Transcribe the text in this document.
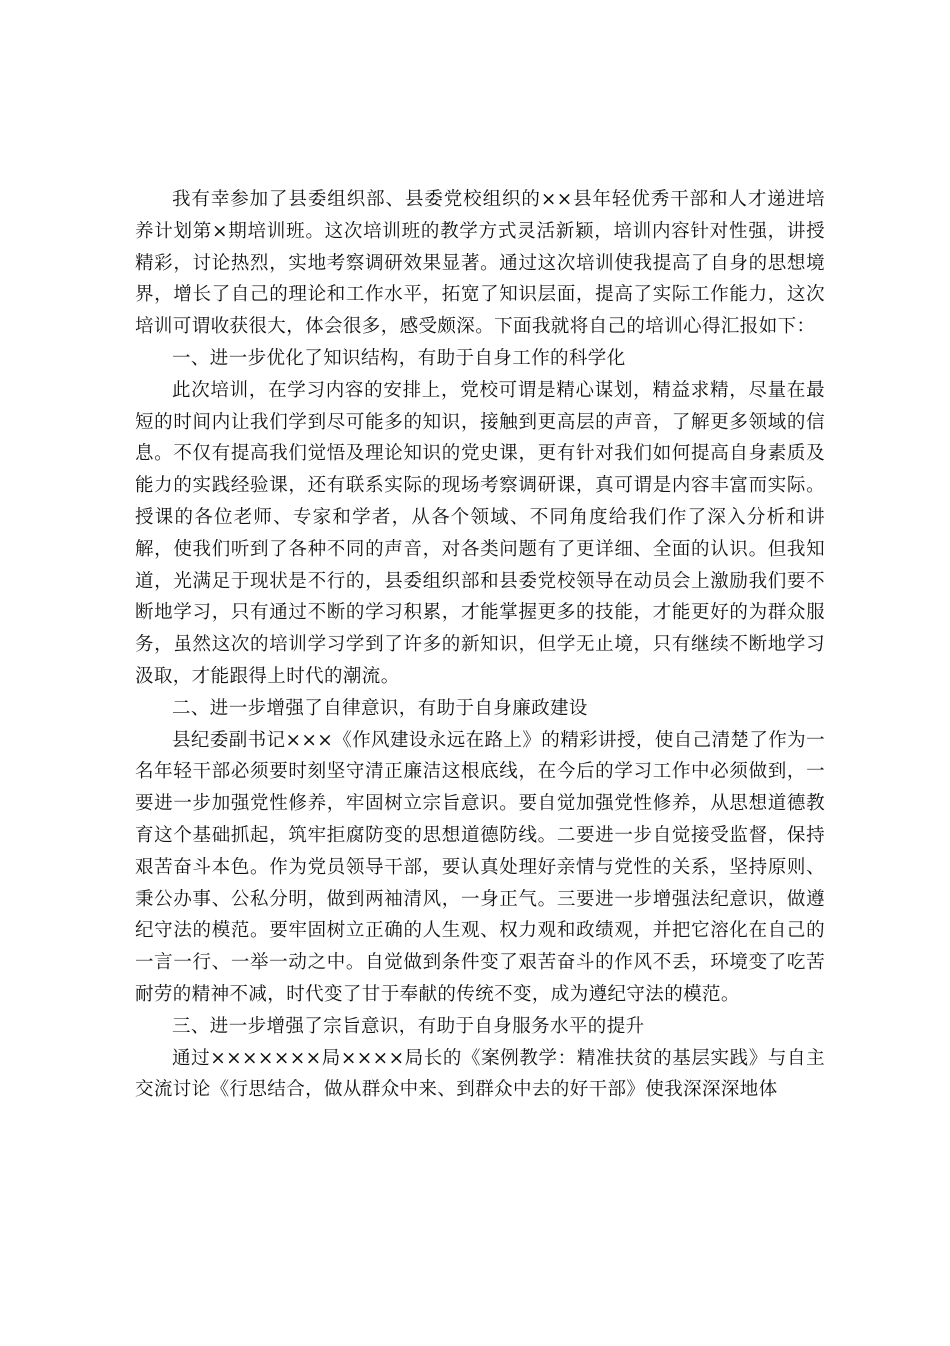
我有幸参加了县委组织部、县委党校组织的××县年轻优秀干部和人才递进培养计划第×期培训班。这次培训班的教学方式灵活新颖，培训内容针对性强，讲授精彩，讨论热烈，实地考察调研效果显著。通过这次培训使我提高了自身的思想境界，增长了自己的理论和工作水平，拓宽了知识层面，提高了实际工作能力，这次培训可谓收获很大，体会很多，感受颇深。下面我就将自己的培训心得汇报如下：

一、进一步优化了知识结构，有助于自身工作的科学化

此次培训，在学习内容的安排上，党校可谓是精心谋划，精益求精，尽量在最短的时间内让我们学到尽可能多的知识，接触到更高层的声音，了解更多领域的信息。不仅有提高我们觉悟及理论知识的党史课，更有针对我们如何提高自身素质及能力的实践经验课，还有联系实际的现场考察调研课，真可谓是内容丰富而实际。授课的各位老师、专家和学者，从各个领域、不同角度给我们作了深入分析和讲解，使我们听到了各种不同的声音，对各类问题有了更详细、全面的认识。但我知道，光满足于现状是不行的，县委组织部和县委党校领导在动员会上激励我们要不断地学习，只有通过不断的学习积累，才能掌握更多的技能，才能更好的为群众服务，虽然这次的培训学习学到了许多的新知识，但学无止境，只有继续不断地学习汲取，才能跟得上时代的潮流。

二、进一步增强了自律意识，有助于自身廉政建设

县纪委副书记×××《作风建设永远在路上》的精彩讲授，使自己清楚了作为一名年轻干部必须要时刻坚守清正廉洁这根底线，在今后的学习工作中必须做到，一要进一步加强党性修养，牢固树立宗旨意识。要自觉加强党性修养，从思想道德教育这个基础抓起，筑牢拒腐防变的思想道德防线。二要进一步自觉接受监督，保持艰苦奋斗本色。作为党员领导干部，要认真处理好亲情与党性的关系，坚持原则、秉公办事、公私分明，做到两袖清风，一身正气。三要进一步增强法纪意识，做遵纪守法的模范。要牢固树立正确的人生观、权力观和政绩观，并把它溶化在自己的一言一行、一举一动之中。自觉做到条件变了艰苦奋斗的作风不丢，环境变了吃苦耐劳的精神不减，时代变了甘于奉献的传统不变，成为遵纪守法的模范。

三、进一步增强了宗旨意识，有助于自身服务水平的提升

通过×××××××局××××局长的《案例教学：精准扶贫的基层实践》与自主交流讨论《行思结合，做从群众中来、到群众中去的好干部》使我深深深地体
